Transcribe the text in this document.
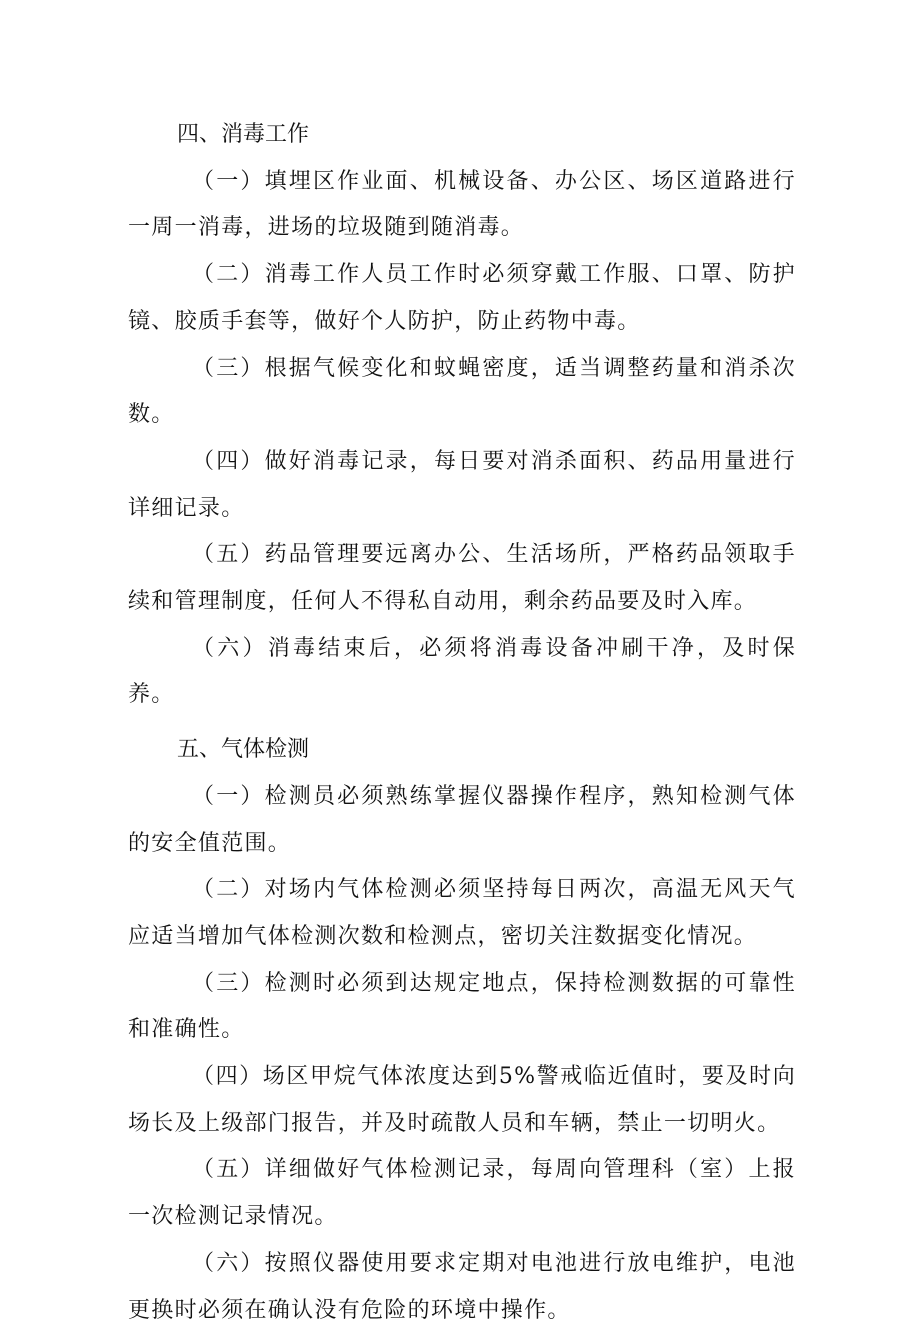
四、消毒工作

（一）填埋区作业面、机械设备、办公区、场区道路进行一周一消毒，进场的垃圾随到随消毒。

（二）消毒工作人员工作时必须穿戴工作服、口罩、防护镜、胶质手套等，做好个人防护，防止药物中毒。

（三）根据气候变化和蚊蝇密度，适当调整药量和消杀次数。

（四）做好消毒记录，每日要对消杀面积、药品用量进行详细记录。

（五）药品管理要远离办公、生活场所，严格药品领取手续和管理制度，任何人不得私自动用，剩余药品要及时入库。

（六）消毒结束后，必须将消毒设备冲刷干净，及时保养。

五、气体检测

（一）检测员必须熟练掌握仪器操作程序，熟知检测气体的安全值范围。

（二）对场内气体检测必须坚持每日两次，高温无风天气应适当增加气体检测次数和检测点，密切关注数据变化情况。

（三）检测时必须到达规定地点，保持检测数据的可靠性和准确性。

（四）场区甲烷气体浓度达到5%警戒临近值时，要及时向场长及上级部门报告，并及时疏散人员和车辆，禁止一切明火。

（五）详细做好气体检测记录，每周向管理科（室）上报一次检测记录情况。

（六）按照仪器使用要求定期对电池进行放电维护，电池更换时必须在确认没有危险的环境中操作。
